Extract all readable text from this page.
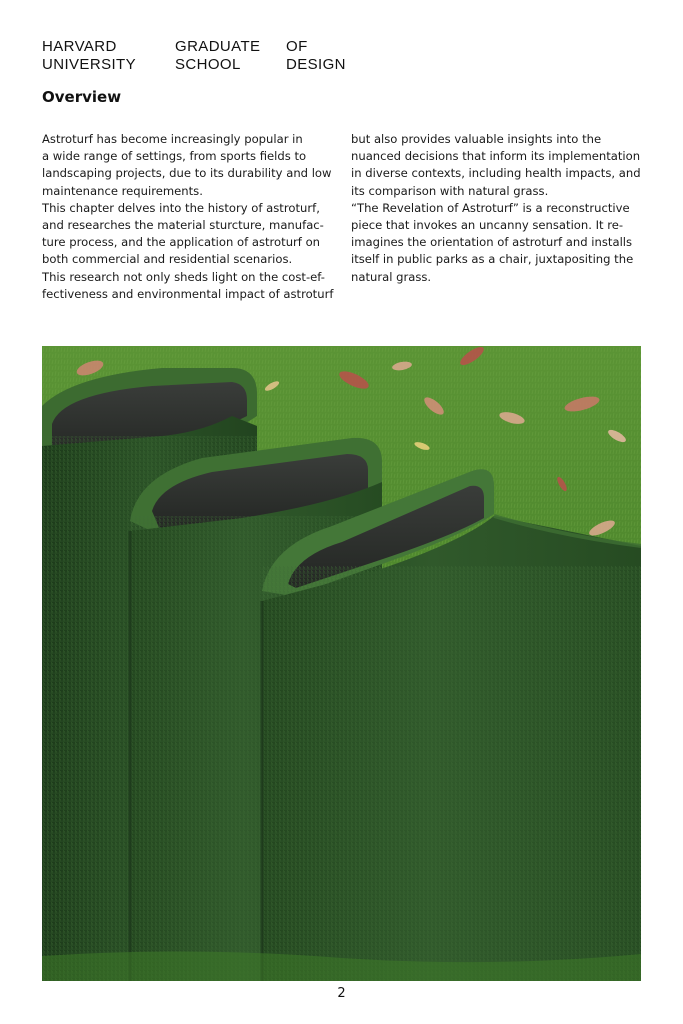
HARVARD
UNIVERSITY
GRADUATE
SCHOOL
OF
DESIGN
Overview
Astroturf has become increasingly popular in
a wide range of settings, from sports fields to
landscaping projects, due to its durability and low
maintenance requirements.
This chapter delves into the history of astroturf,
and researches the material sturcture, manufac-
ture process, and the application of astroturf on
both commercial and residential scenarios.
This research not only sheds light on the cost-ef-
fectiveness and environmental impact of astroturf
but also provides valuable insights into the
nuanced decisions that inform its implementation
in diverse contexts, including health impacts, and
its comparison with natural grass.
“The Revelation of Astroturf” is a reconstructive
piece that invokes an uncanny sensation. It re-
imagines the orientation of astroturf and installs
itself in public parks as a chair, juxtapositing the
natural grass.
2
